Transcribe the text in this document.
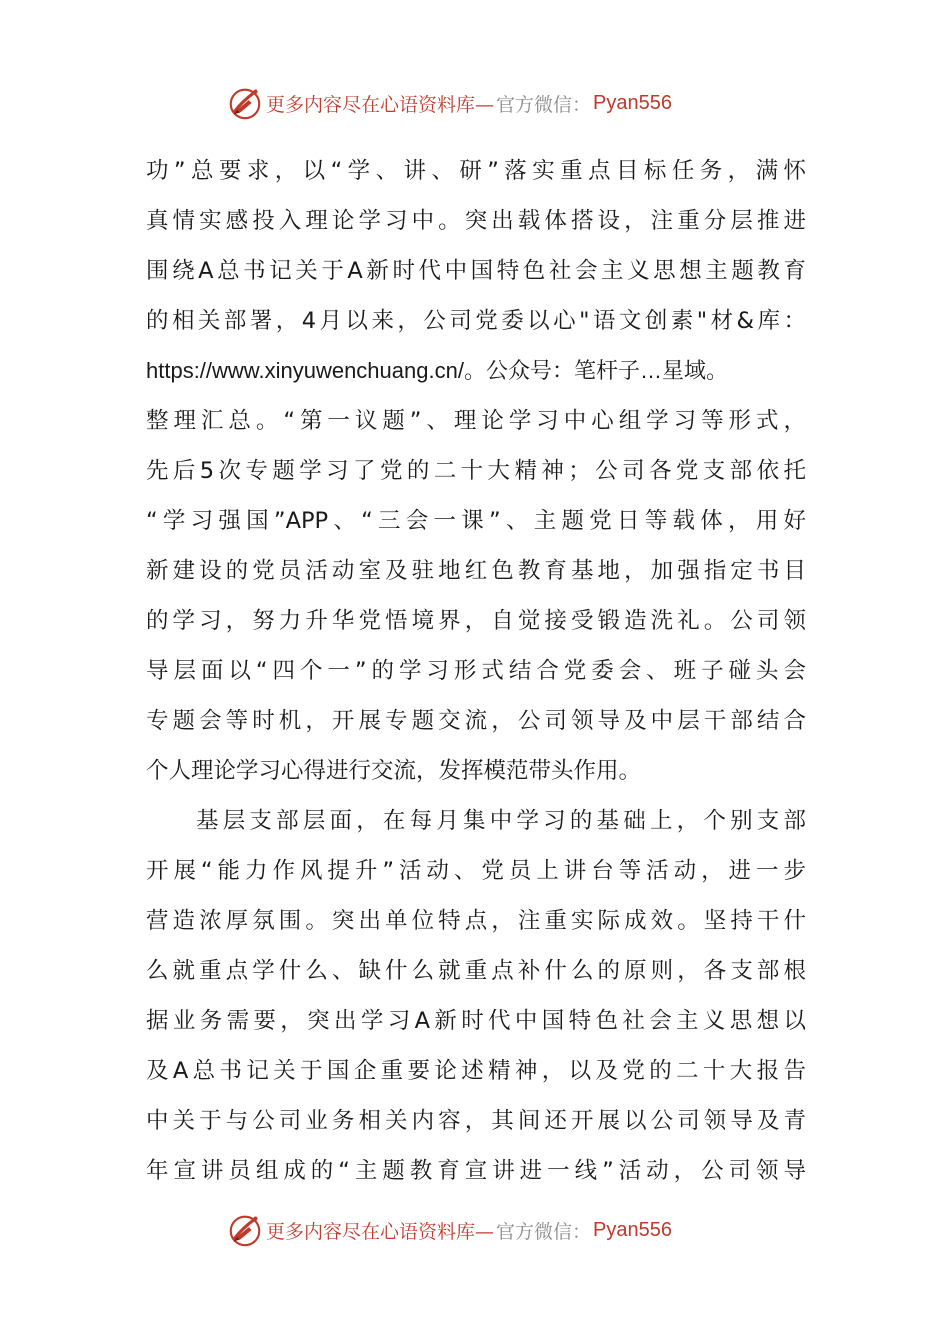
更多内容尽在心语资料库— 官方微信： Pyan556
功”总要求，以“学、讲、研”落实重点目标任务，满怀
真情实感投入理论学习中。突出载体搭设，注重分层推进
围绕A总书记关于A新时代中国特色社会主义思想主题教育
的相关部署，4月以来，公司党委以心"语文创素"材&库：
https://www.xinyuwenchuang.cn/。公众号：笔杆子…星域。
整理汇总。“第一议题”、理论学习中心组学习等形式，
先后5次专题学习了党的二十大精神；公司各党支部依托
“学习强国”APP、“三会一课”、主题党日等载体，用好
新建设的党员活动室及驻地红色教育基地，加强指定书目
的学习，努力升华党悟境界，自觉接受锻造洗礼。公司领
导层面以“四个一”的学习形式结合党委会、班子碰头会
专题会等时机，开展专题交流，公司领导及中层干部结合
个人理论学习心得进行交流，发挥模范带头作用。
基层支部层面，在每月集中学习的基础上，个别支部
开展“能力作风提升”活动、党员上讲台等活动，进一步
营造浓厚氛围。突出单位特点，注重实际成效。坚持干什
么就重点学什么、缺什么就重点补什么的原则，各支部根
据业务需要，突出学习A新时代中国特色社会主义思想以
及A总书记关于国企重要论述精神，以及党的二十大报告
中关于与公司业务相关内容，其间还开展以公司领导及青
年宣讲员组成的“主题教育宣讲进一线”活动，公司领导
更多内容尽在心语资料库— 官方微信： Pyan556
